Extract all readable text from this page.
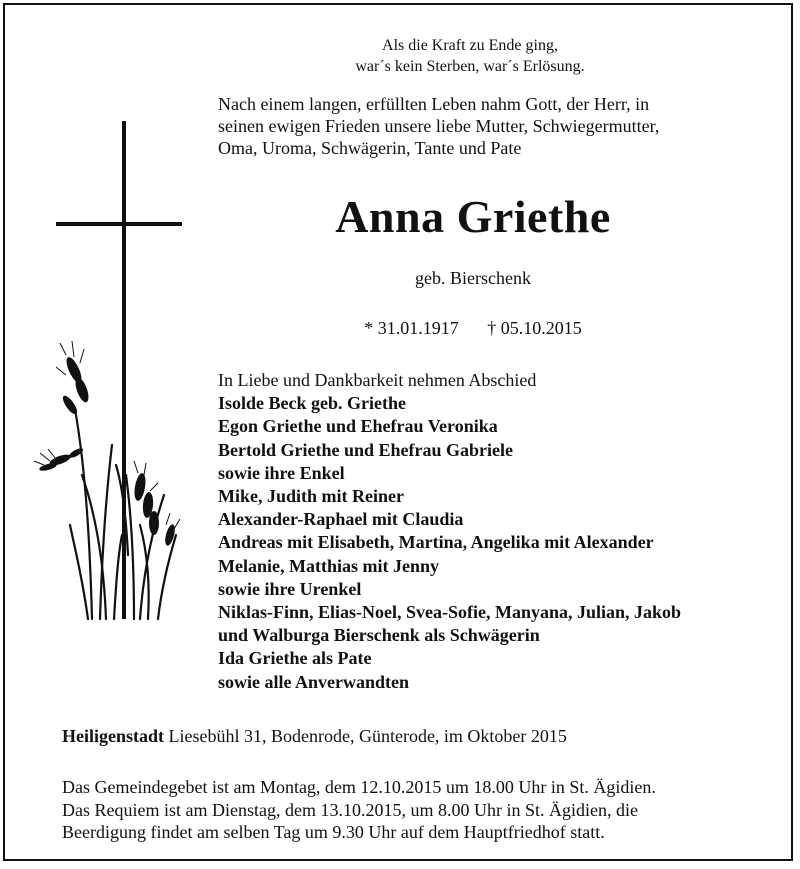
Als die Kraft zu Ende ging,
war´s kein Sterben, war´s Erlösung.
Nach einem langen, erfüllten Leben nahm Gott, der Herr, in
seinen ewigen Frieden unsere liebe Mutter, Schwiegermutter,
Oma, Uroma, Schwägerin, Tante und Pate
Anna Griethe
geb. Bierschenk
* 31.01.1917 † 05.10.2015
In Liebe und Dankbarkeit nehmen Abschied
Isolde Beck geb. Griethe
Egon Griethe und Ehefrau Veronika
Bertold Griethe und Ehefrau Gabriele
sowie ihre Enkel
Mike, Judith mit Reiner
Alexander-Raphael mit Claudia
Andreas mit Elisabeth, Martina, Angelika mit Alexander
Melanie, Matthias mit Jenny
sowie ihre Urenkel
Niklas-Finn, Elias-Noel, Svea-Sofie, Manyana, Julian, Jakob
und Walburga Bierschenk als Schwägerin
Ida Griethe als Pate
sowie alle Anverwandten
Heiligenstadt Liesebühl 31, Bodenrode, Günterode, im Oktober 2015
Das Gemeindegebet ist am Montag, dem 12.10.2015 um 18.00 Uhr in St. Ägidien.
Das Requiem ist am Dienstag, dem 13.10.2015, um 8.00 Uhr in St. Ägidien, die
Beerdigung findet am selben Tag um 9.30 Uhr auf dem Hauptfriedhof statt.
